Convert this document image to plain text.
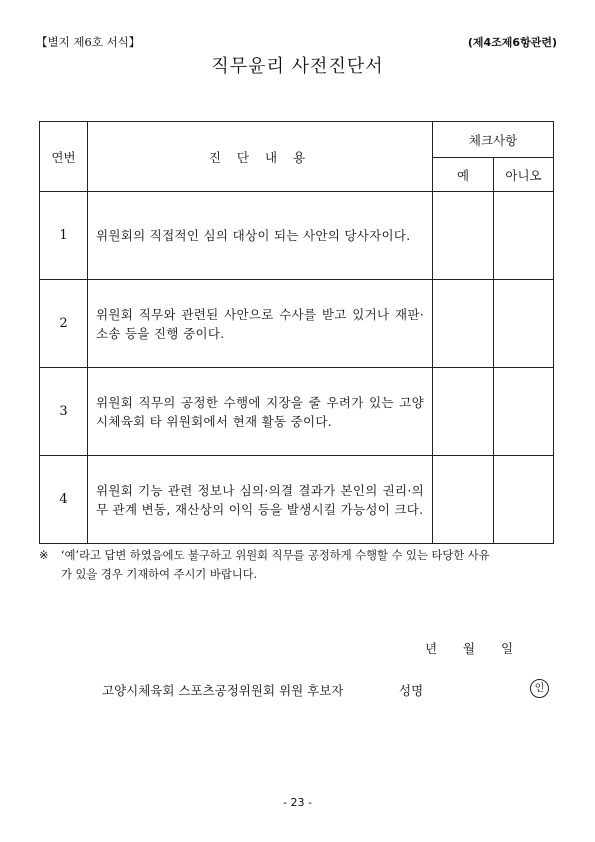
【별지 제6호 서식】	(제4조제6항관련)
직무윤리 사전진단서
연번	진 단 내 용	체크사항	
		예	아니오
1	위원회의 직접적인 심의 대상이 되는 사안의 당사자이다.		
2	위원회 직무와 관련된 사안으로 수사를 받고 있거나 재판·소송 등을 진행 중이다.		
3	위원회 직무의 공정한 수행에 지장을 줄 우려가 있는 고양시체육회 타 위원회에서 현재 활동 중이다.		
4	위원회 기능 관련 정보나 심의·의결 결과가 본인의 권리·의무 관계 변동, 재산상의 이익 등을 발생시킬 가능성이 크다.		
※ ‘예’라고 답변 하였음에도 불구하고 위원회 직무를 공정하게 수행할 수 있는 타당한 사유
가 있을 경우 기재하여 주시기 바랍니다.
년 월 일
고양시체육회 스포츠공정위원회 위원 후보자	성명	인
- 23 -
